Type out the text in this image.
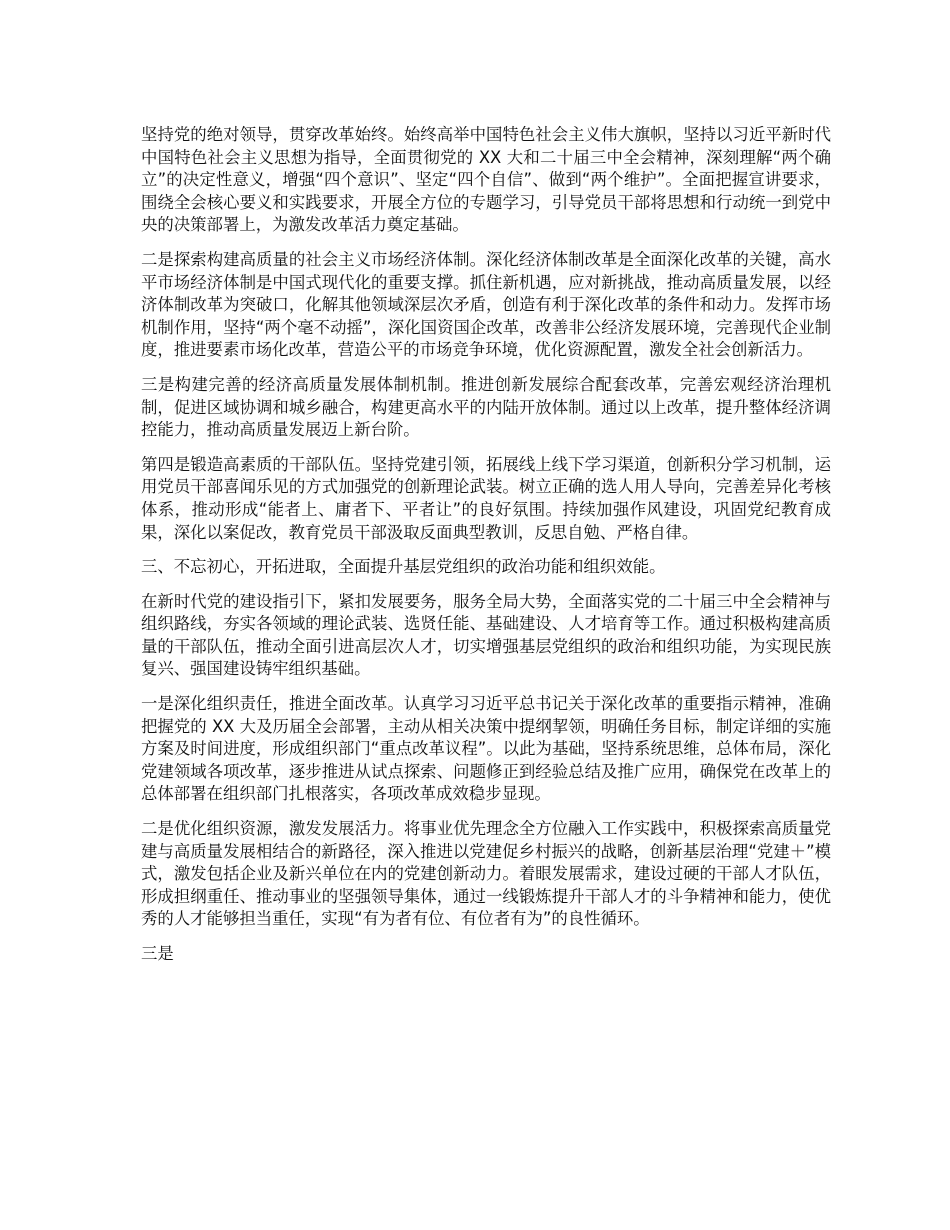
坚持党的绝对领导，贯穿改革始终。始终高举中国特色社会主义伟大旗帜，坚持以习近平新时代中国特色社会主义思想为指导，全面贯彻党的 XX 大和二十届三中全会精神，深刻理解“两个确立”的决定性意义，增强“四个意识”、坚定“四个自信”、做到“两个维护”。全面把握宣讲要求，围绕全会核心要义和实践要求，开展全方位的专题学习，引导党员干部将思想和行动统一到党中央的决策部署上，为激发改革活力奠定基础。

二是探索构建高质量的社会主义市场经济体制。深化经济体制改革是全面深化改革的关键，高水平市场经济体制是中国式现代化的重要支撑。抓住新机遇，应对新挑战，推动高质量发展，以经济体制改革为突破口，化解其他领域深层次矛盾，创造有利于深化改革的条件和动力。发挥市场机制作用，坚持“两个毫不动摇”，深化国资国企改革，改善非公经济发展环境，完善现代企业制度，推进要素市场化改革，营造公平的市场竞争环境，优化资源配置，激发全社会创新活力。

三是构建完善的经济高质量发展体制机制。推进创新发展综合配套改革，完善宏观经济治理机制，促进区域协调和城乡融合，构建更高水平的内陆开放体制。通过以上改革，提升整体经济调控能力，推动高质量发展迈上新台阶。

第四是锻造高素质的干部队伍。坚持党建引领，拓展线上线下学习渠道，创新积分学习机制，运用党员干部喜闻乐见的方式加强党的创新理论武装。树立正确的选人用人导向，完善差异化考核体系，推动形成“能者上、庸者下、平者让”的良好氛围。持续加强作风建设，巩固党纪教育成果，深化以案促改，教育党员干部汲取反面典型教训，反思自勉、严格自律。

三、不忘初心，开拓进取，全面提升基层党组织的政治功能和组织效能。

在新时代党的建设指引下，紧扣发展要务，服务全局大势，全面落实党的二十届三中全会精神与组织路线，夯实各领域的理论武装、选贤任能、基础建设、人才培育等工作。通过积极构建高质量的干部队伍，推动全面引进高层次人才，切实增强基层党组织的政治和组织功能，为实现民族复兴、强国建设铸牢组织基础。

一是深化组织责任，推进全面改革。认真学习习近平总书记关于深化改革的重要指示精神，准确把握党的 XX 大及历届全会部署，主动从相关决策中提纲挈领，明确任务目标，制定详细的实施方案及时间进度，形成组织部门“重点改革议程”。以此为基础，坚持系统思维，总体布局，深化党建领域各项改革，逐步推进从试点探索、问题修正到经验总结及推广应用，确保党在改革上的总体部署在组织部门扎根落实，各项改革成效稳步显现。

二是优化组织资源，激发发展活力。将事业优先理念全方位融入工作实践中，积极探索高质量党建与高质量发展相结合的新路径，深入推进以党建促乡村振兴的战略，创新基层治理“党建＋”模式，激发包括企业及新兴单位在内的党建创新动力。着眼发展需求，建设过硬的干部人才队伍，形成担纲重任、推动事业的坚强领导集体，通过一线锻炼提升干部人才的斗争精神和能力，使优秀的人才能够担当重任，实现“有为者有位、有位者有为”的良性循环。

三是
